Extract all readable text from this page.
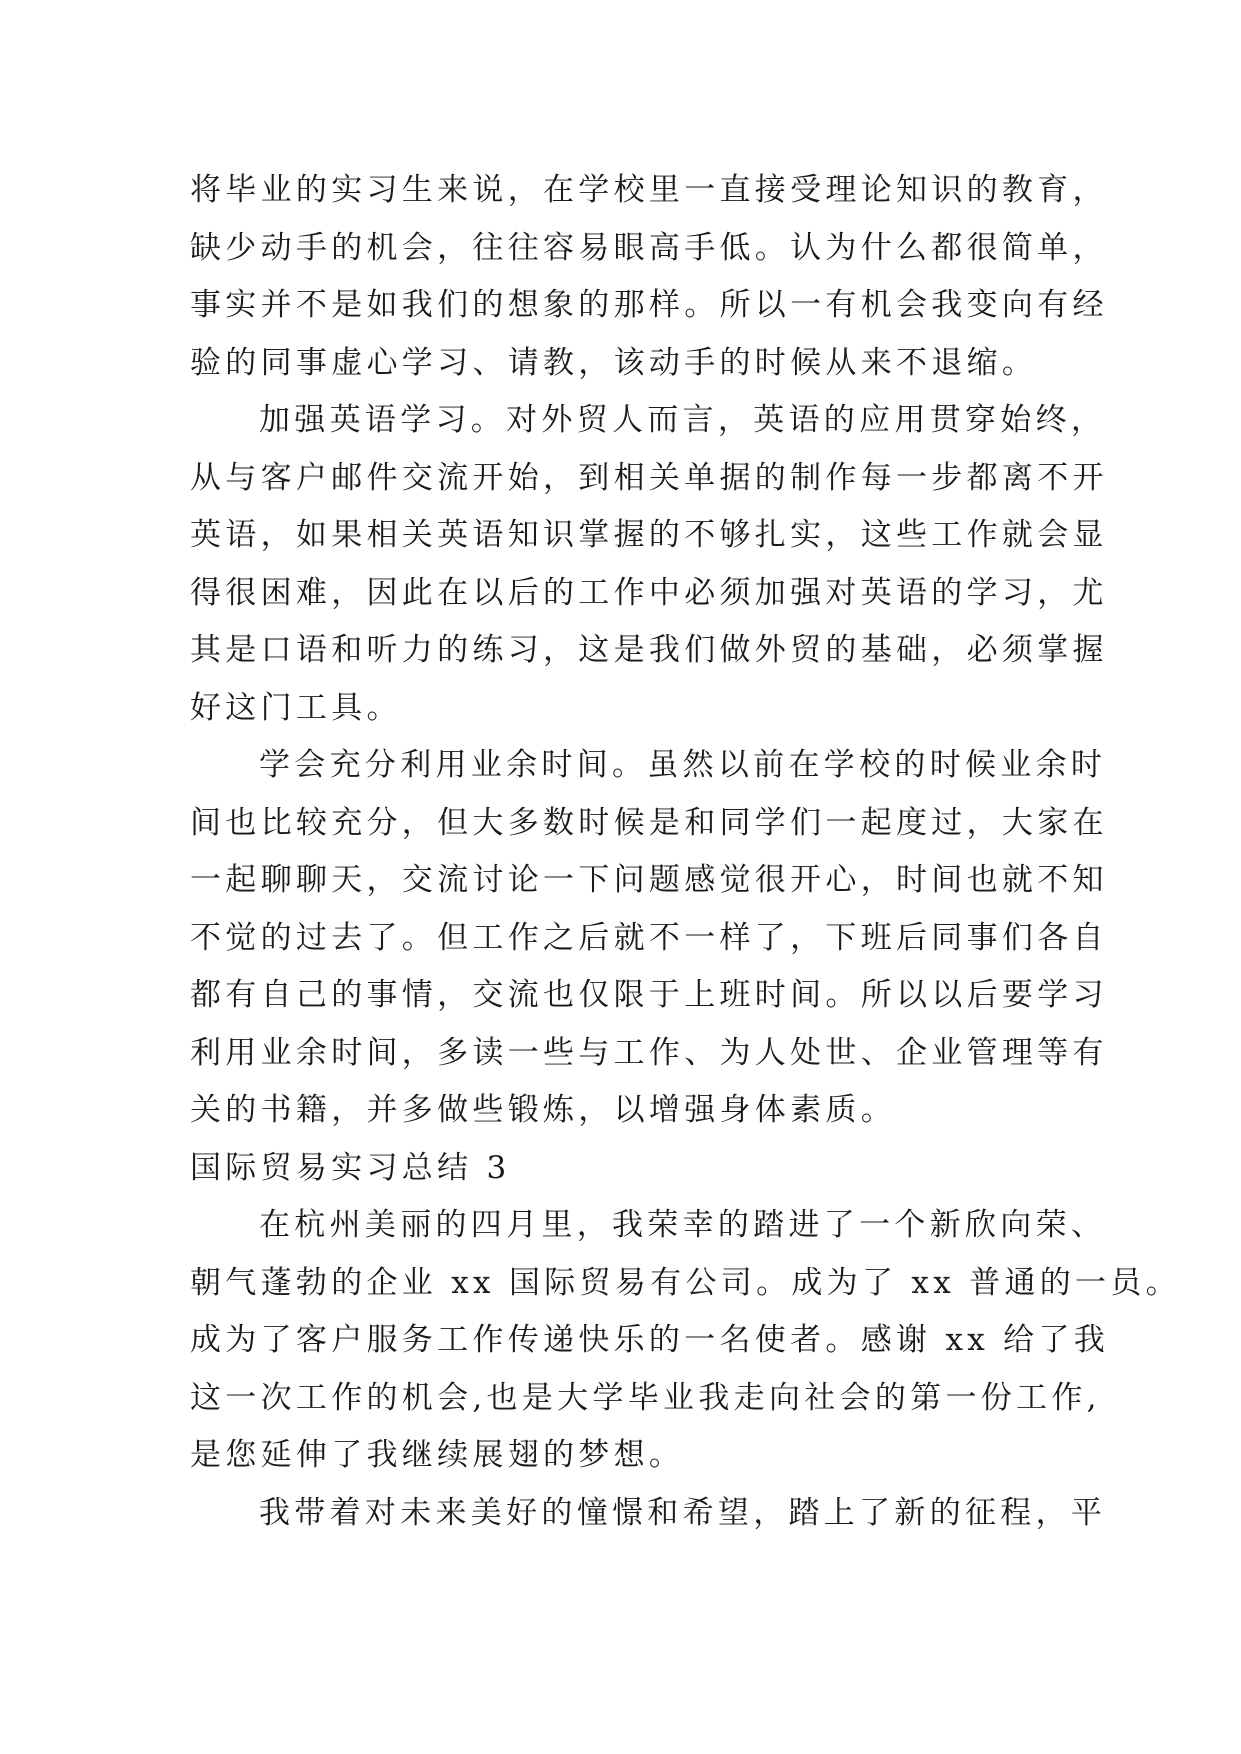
将毕业的实习生来说，在学校里一直接受理论知识的教育，
缺少动手的机会，往往容易眼高手低。认为什么都很简单，
事实并不是如我们的想象的那样。所以一有机会我变向有经
验的同事虚心学习、请教，该动手的时候从来不退缩。
加强英语学习。对外贸人而言，英语的应用贯穿始终，
从与客户邮件交流开始，到相关单据的制作每一步都离不开
英语，如果相关英语知识掌握的不够扎实，这些工作就会显
得很困难，因此在以后的工作中必须加强对英语的学习，尤
其是口语和听力的练习，这是我们做外贸的基础，必须掌握
好这门工具。
学会充分利用业余时间。虽然以前在学校的时候业余时
间也比较充分，但大多数时候是和同学们一起度过，大家在
一起聊聊天，交流讨论一下问题感觉很开心，时间也就不知
不觉的过去了。但工作之后就不一样了，下班后同事们各自
都有自己的事情，交流也仅限于上班时间。所以以后要学习
利用业余时间，多读一些与工作、为人处世、企业管理等有
关的书籍，并多做些锻炼，以增强身体素质。
国际贸易实习总结 3
在杭州美丽的四月里，我荣幸的踏进了一个新欣向荣、
朝气蓬勃的企业 xx 国际贸易有公司。成为了 xx 普通的一员。
成为了客户服务工作传递快乐的一名使者。感谢 xx 给了我
这一次工作的机会,也是大学毕业我走向社会的第一份工作,
是您延伸了我继续展翅的梦想。
我带着对未来美好的憧憬和希望，踏上了新的征程，平
